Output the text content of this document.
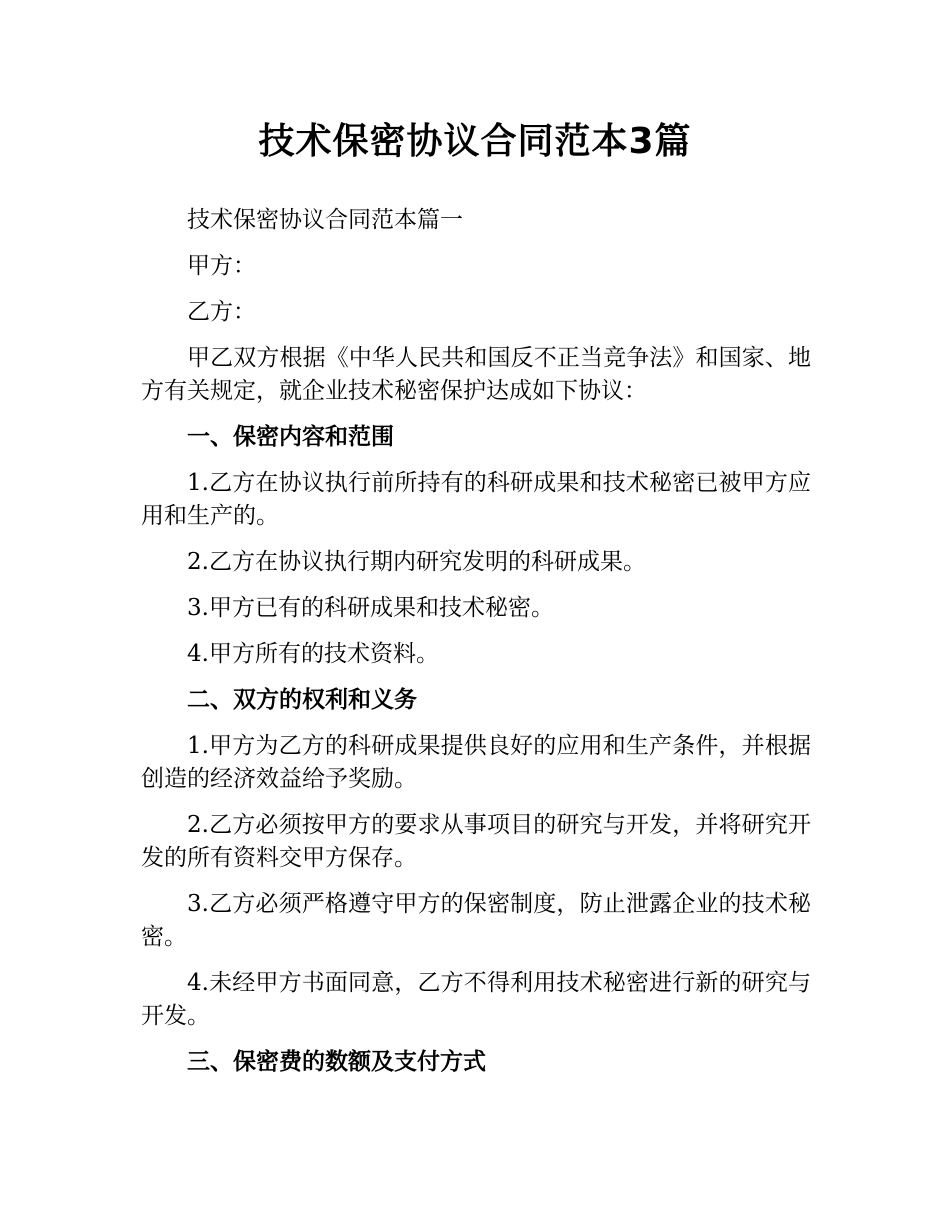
技术保密协议合同范本3篇

技术保密协议合同范本篇一

甲方：

乙方：

甲乙双方根据《中华人民共和国反不正当竞争法》和国家、地方有关规定，就企业技术秘密保护达成如下协议：

一、保密内容和范围

1.乙方在协议执行前所持有的科研成果和技术秘密已被甲方应用和生产的。

2.乙方在协议执行期内研究发明的科研成果。

3.甲方已有的科研成果和技术秘密。

4.甲方所有的技术资料。

二、双方的权利和义务

1.甲方为乙方的科研成果提供良好的应用和生产条件，并根据创造的经济效益给予奖励。

2.乙方必须按甲方的要求从事项目的研究与开发，并将研究开发的所有资料交甲方保存。

3.乙方必须严格遵守甲方的保密制度，防止泄露企业的技术秘密。

4.未经甲方书面同意，乙方不得利用技术秘密进行新的研究与开发。

三、保密费的数额及支付方式
